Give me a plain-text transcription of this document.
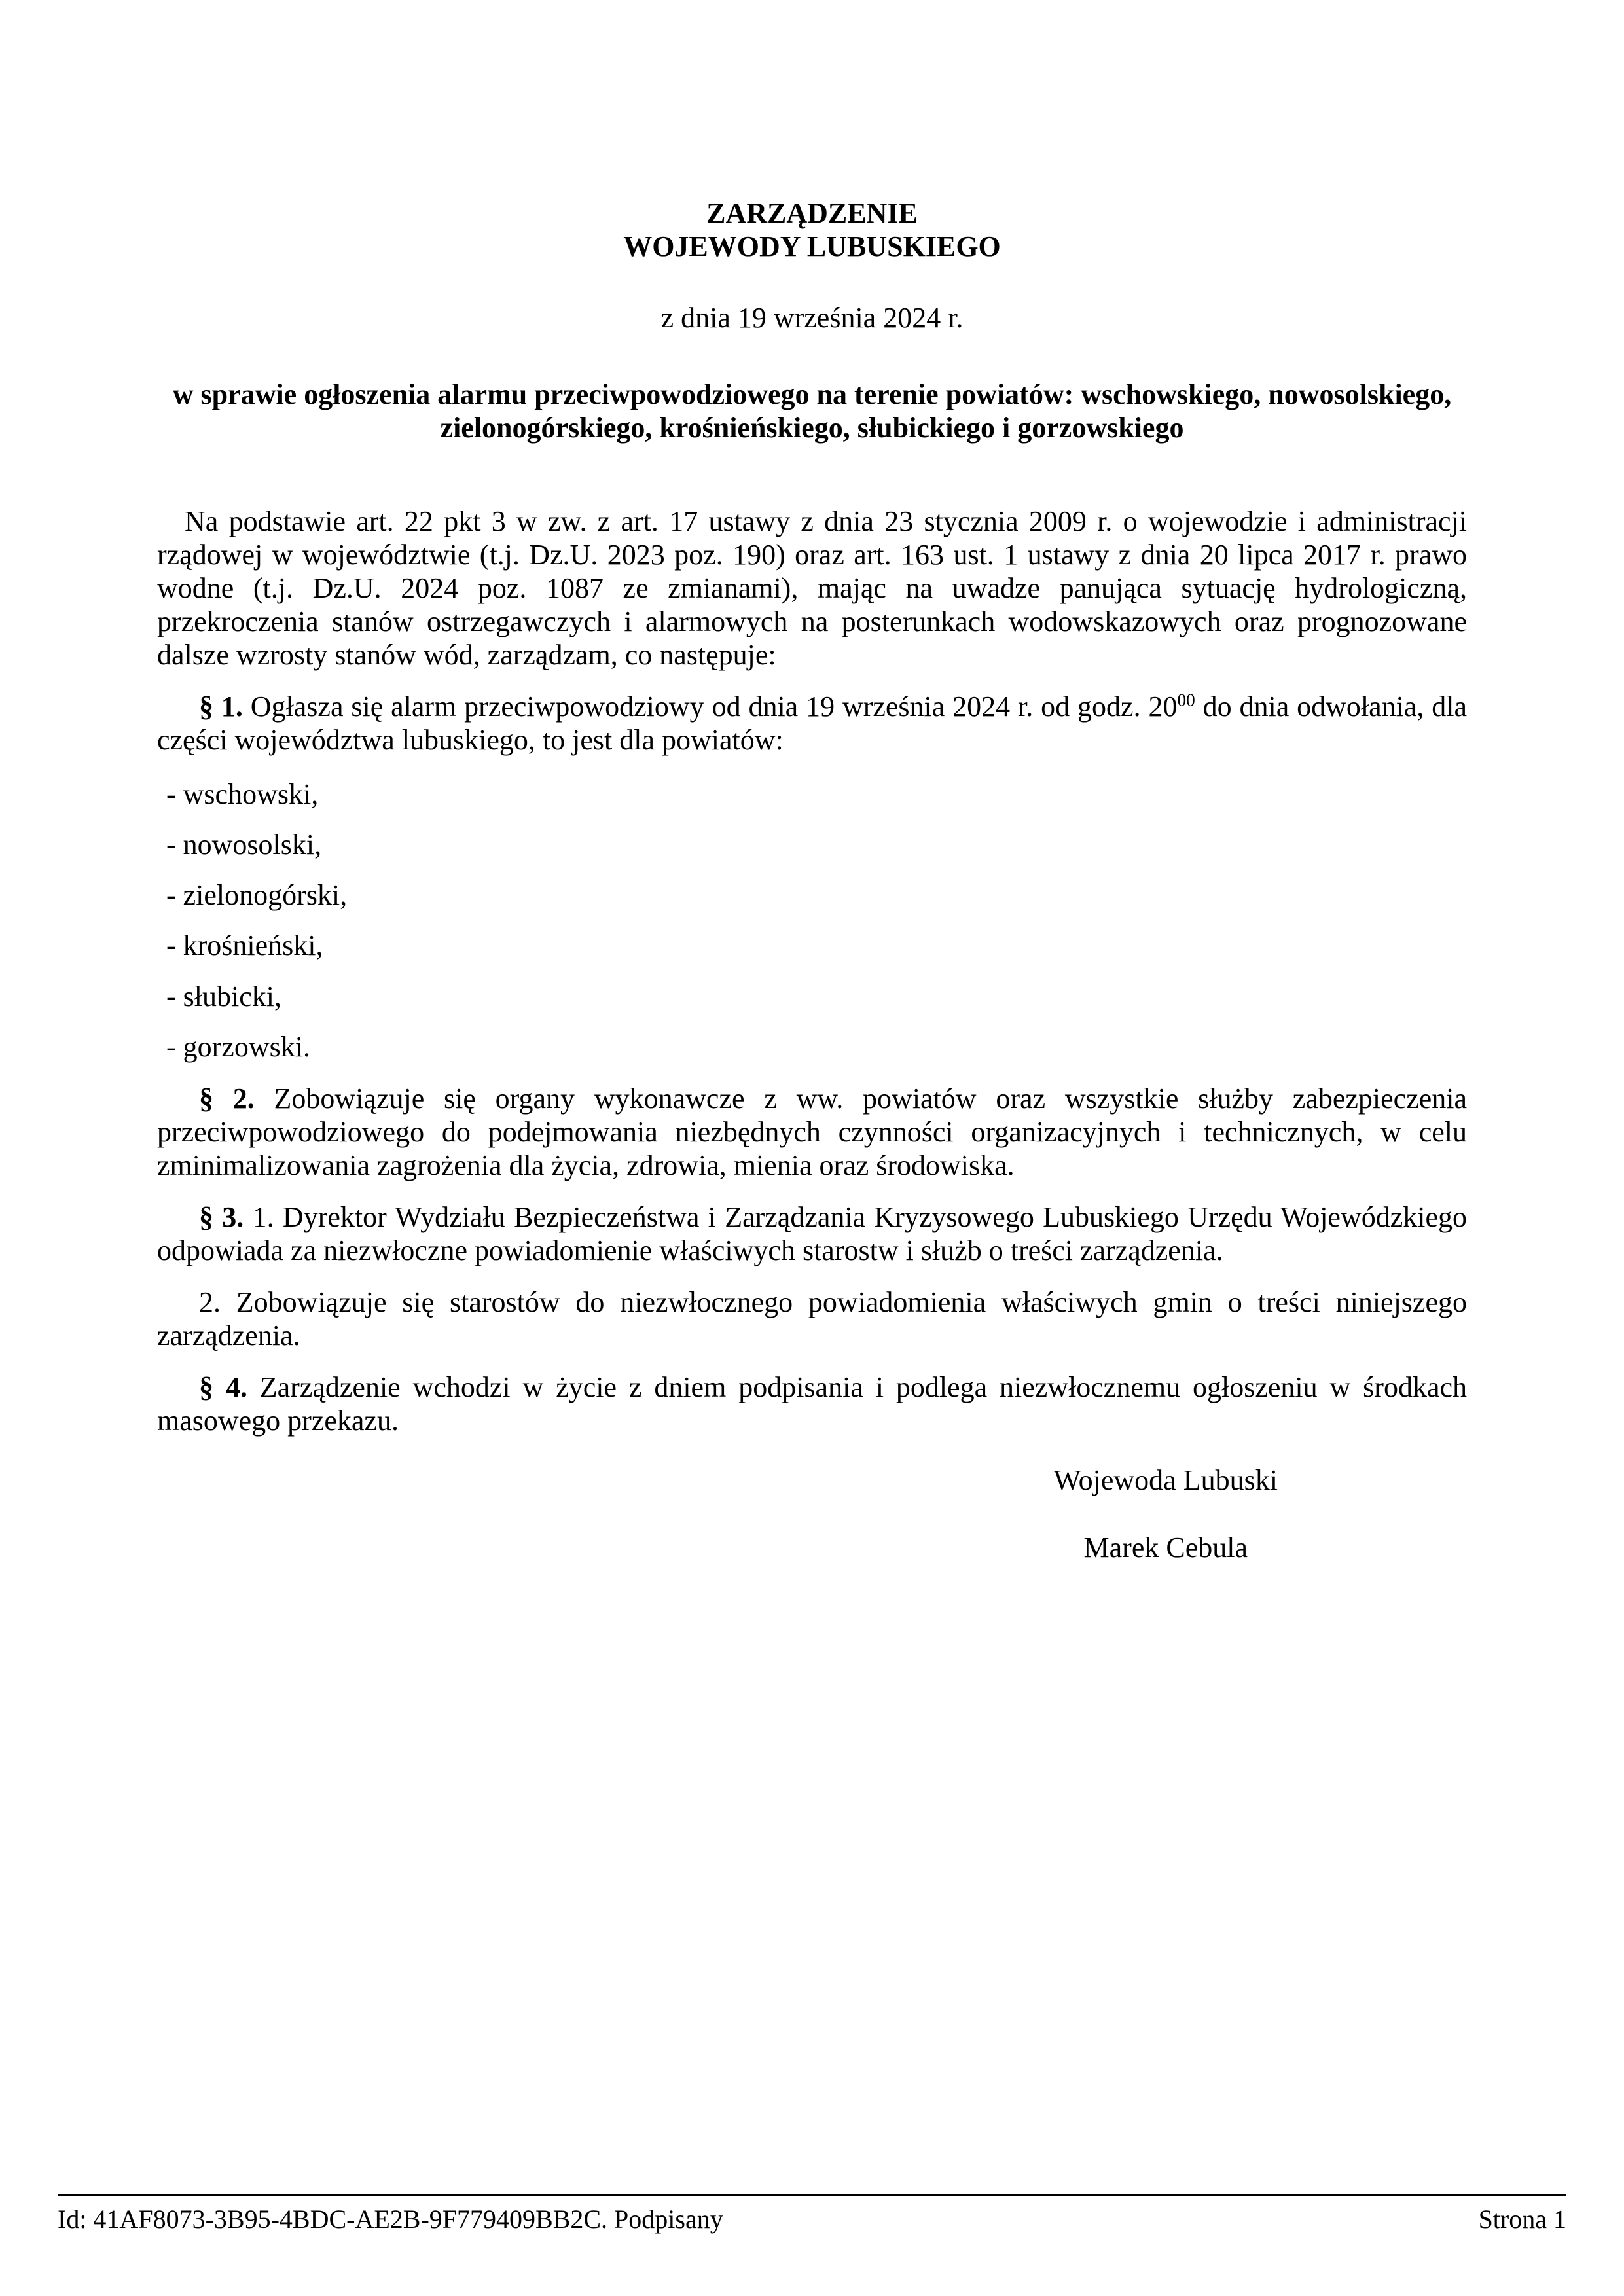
ZARZĄDZENIE
WOJEWODY LUBUSKIEGO

z dnia 19 września 2024 r.

w sprawie ogłoszenia alarmu przeciwpowodziowego na terenie powiatów: wschowskiego, nowosolskiego, zielonogórskiego, krośnieńskiego, słubickiego i gorzowskiego

Na podstawie art. 22 pkt 3 w zw. z art. 17 ustawy z dnia 23 stycznia 2009 r. o wojewodzie i administracji rządowej w województwie (t.j. Dz.U. 2023 poz. 190) oraz art. 163 ust. 1 ustawy z dnia 20 lipca 2017 r. prawo wodne (t.j. Dz.U. 2024 poz. 1087 ze zmianami), mając na uwadze panująca sytuację hydrologiczną, przekroczenia stanów ostrzegawczych i alarmowych na posterunkach wodowskazowych oraz prognozowane dalsze wzrosty stanów wód, zarządzam, co następuje:

§ 1. Ogłasza się alarm przeciwpowodziowy od dnia 19 września 2024 r. od godz. $20^{00}$ do dnia odwołania, dla części województwa lubuskiego, to jest dla powiatów:

- wschowski,

- nowosolski,

- zielonogórski,

- krośnieński,

- słubicki,

- gorzowski.

§ 2. Zobowiązuje się organy wykonawcze z ww. powiatów oraz wszystkie służby zabezpieczenia przeciwpowodziowego do podejmowania niezbędnych czynności organizacyjnych i technicznych, w celu zminimalizowania zagrożenia dla życia, zdrowia, mienia oraz środowiska.

§ 3. 1. Dyrektor Wydziału Bezpieczeństwa i Zarządzania Kryzysowego Lubuskiego Urzędu Wojewódzkiego odpowiada za niezwłoczne powiadomienie właściwych starostw i służb o treści zarządzenia.

2. Zobowiązuje się starostów do niezwłocznego powiadomienia właściwych gmin o treści niniejszego zarządzenia.

§ 4. Zarządzenie wchodzi w życie z dniem podpisania i podlega niezwłocznemu ogłoszeniu w środkach masowego przekazu.

Wojewoda Lubuski

Marek Cebula

Id: 41AF8073-3B95-4BDC-AE2B-9F779409BB2C. Podpisany	Strona 1
